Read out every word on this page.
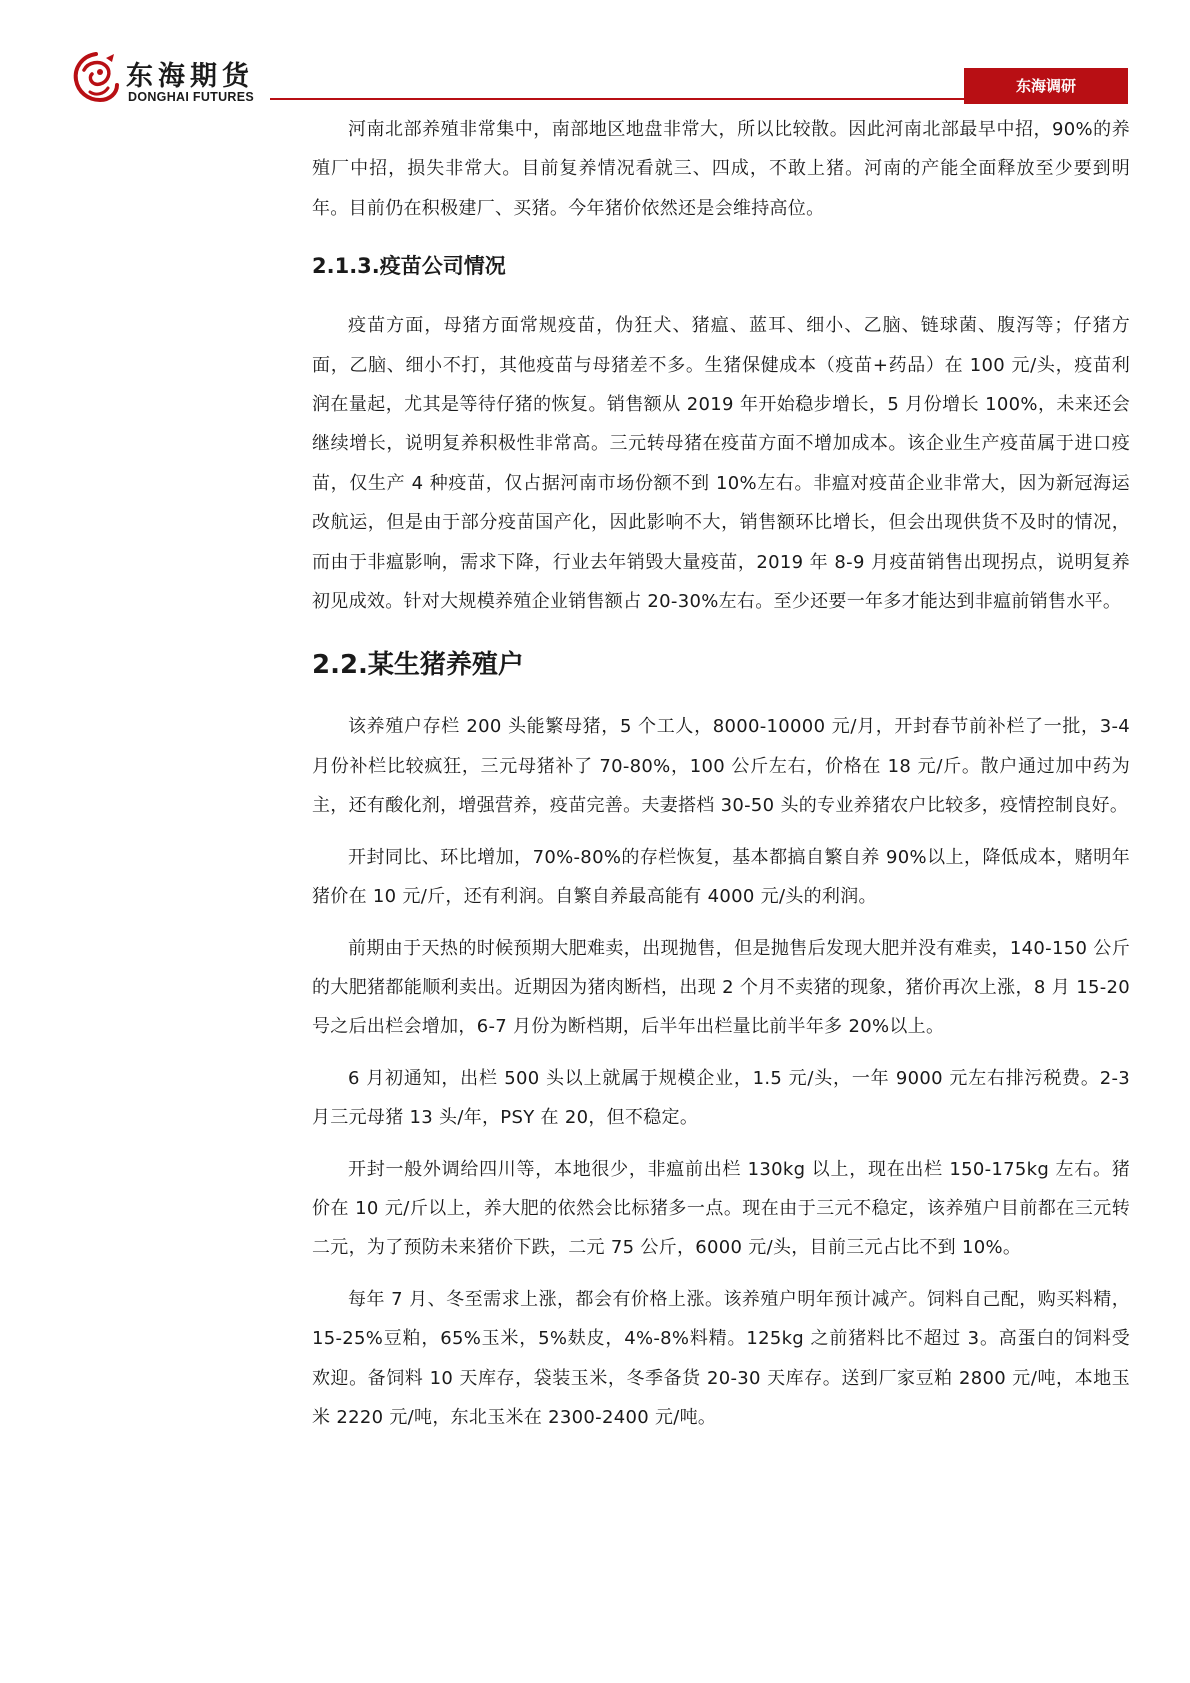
东海期货
DONGHAI FUTURES
东海调研

河南北部养殖非常集中，南部地区地盘非常大，所以比较散。因此河南北部最早中招，90%的养殖厂中招，损失非常大。目前复养情况看就三、四成，不敢上猪。河南的产能全面释放至少要到明年。目前仍在积极建厂、买猪。今年猪价依然还是会维持高位。

2.1.3.疫苗公司情况

疫苗方面，母猪方面常规疫苗，伪狂犬、猪瘟、蓝耳、细小、乙脑、链球菌、腹泻等；仔猪方面，乙脑、细小不打，其他疫苗与母猪差不多。生猪保健成本（疫苗+药品）在 100 元/头，疫苗利润在量起，尤其是等待仔猪的恢复。销售额从 2019 年开始稳步增长，5 月份增长 100%，未来还会继续增长，说明复养积极性非常高。三元转母猪在疫苗方面不增加成本。该企业生产疫苗属于进口疫苗，仅生产 4 种疫苗，仅占据河南市场份额不到 10%左右。非瘟对疫苗企业非常大，因为新冠海运改航运，但是由于部分疫苗国产化，因此影响不大，销售额环比增长，但会出现供货不及时的情况，而由于非瘟影响，需求下降，行业去年销毁大量疫苗，2019 年 8-9 月疫苗销售出现拐点，说明复养初见成效。针对大规模养殖企业销售额占 20-30%左右。至少还要一年多才能达到非瘟前销售水平。

2.2.某生猪养殖户

该养殖户存栏 200 头能繁母猪，5 个工人，8000-10000 元/月，开封春节前补栏了一批，3-4 月份补栏比较疯狂，三元母猪补了 70-80%，100 公斤左右，价格在 18 元/斤。散户通过加中药为主，还有酸化剂，增强营养，疫苗完善。夫妻搭档 30-50 头的专业养猪农户比较多，疫情控制良好。

开封同比、环比增加，70%-80%的存栏恢复，基本都搞自繁自养 90%以上，降低成本，赌明年猪价在 10 元/斤，还有利润。自繁自养最高能有 4000 元/头的利润。

前期由于天热的时候预期大肥难卖，出现抛售，但是抛售后发现大肥并没有难卖，140-150 公斤的大肥猪都能顺利卖出。近期因为猪肉断档，出现 2 个月不卖猪的现象，猪价再次上涨，8 月 15-20 号之后出栏会增加，6-7 月份为断档期，后半年出栏量比前半年多 20%以上。

6 月初通知，出栏 500 头以上就属于规模企业，1.5 元/头，一年 9000 元左右排污税费。2-3 月三元母猪 13 头/年，PSY 在 20，但不稳定。

开封一般外调给四川等，本地很少，非瘟前出栏 130kg 以上，现在出栏 150-175kg 左右。猪价在 10 元/斤以上，养大肥的依然会比标猪多一点。现在由于三元不稳定，该养殖户目前都在三元转二元，为了预防未来猪价下跌，二元 75 公斤，6000 元/头，目前三元占比不到 10%。

每年 7 月、冬至需求上涨，都会有价格上涨。该养殖户明年预计减产。饲料自己配，购买料精，15-25%豆粕，65%玉米，5%麸皮，4%-8%料精。125kg 之前猪料比不超过 3。高蛋白的饲料受欢迎。备饲料 10 天库存，袋装玉米，冬季备货 20-30 天库存。送到厂家豆粕 2800 元/吨，本地玉米 2220 元/吨，东北玉米在 2300-2400 元/吨。
